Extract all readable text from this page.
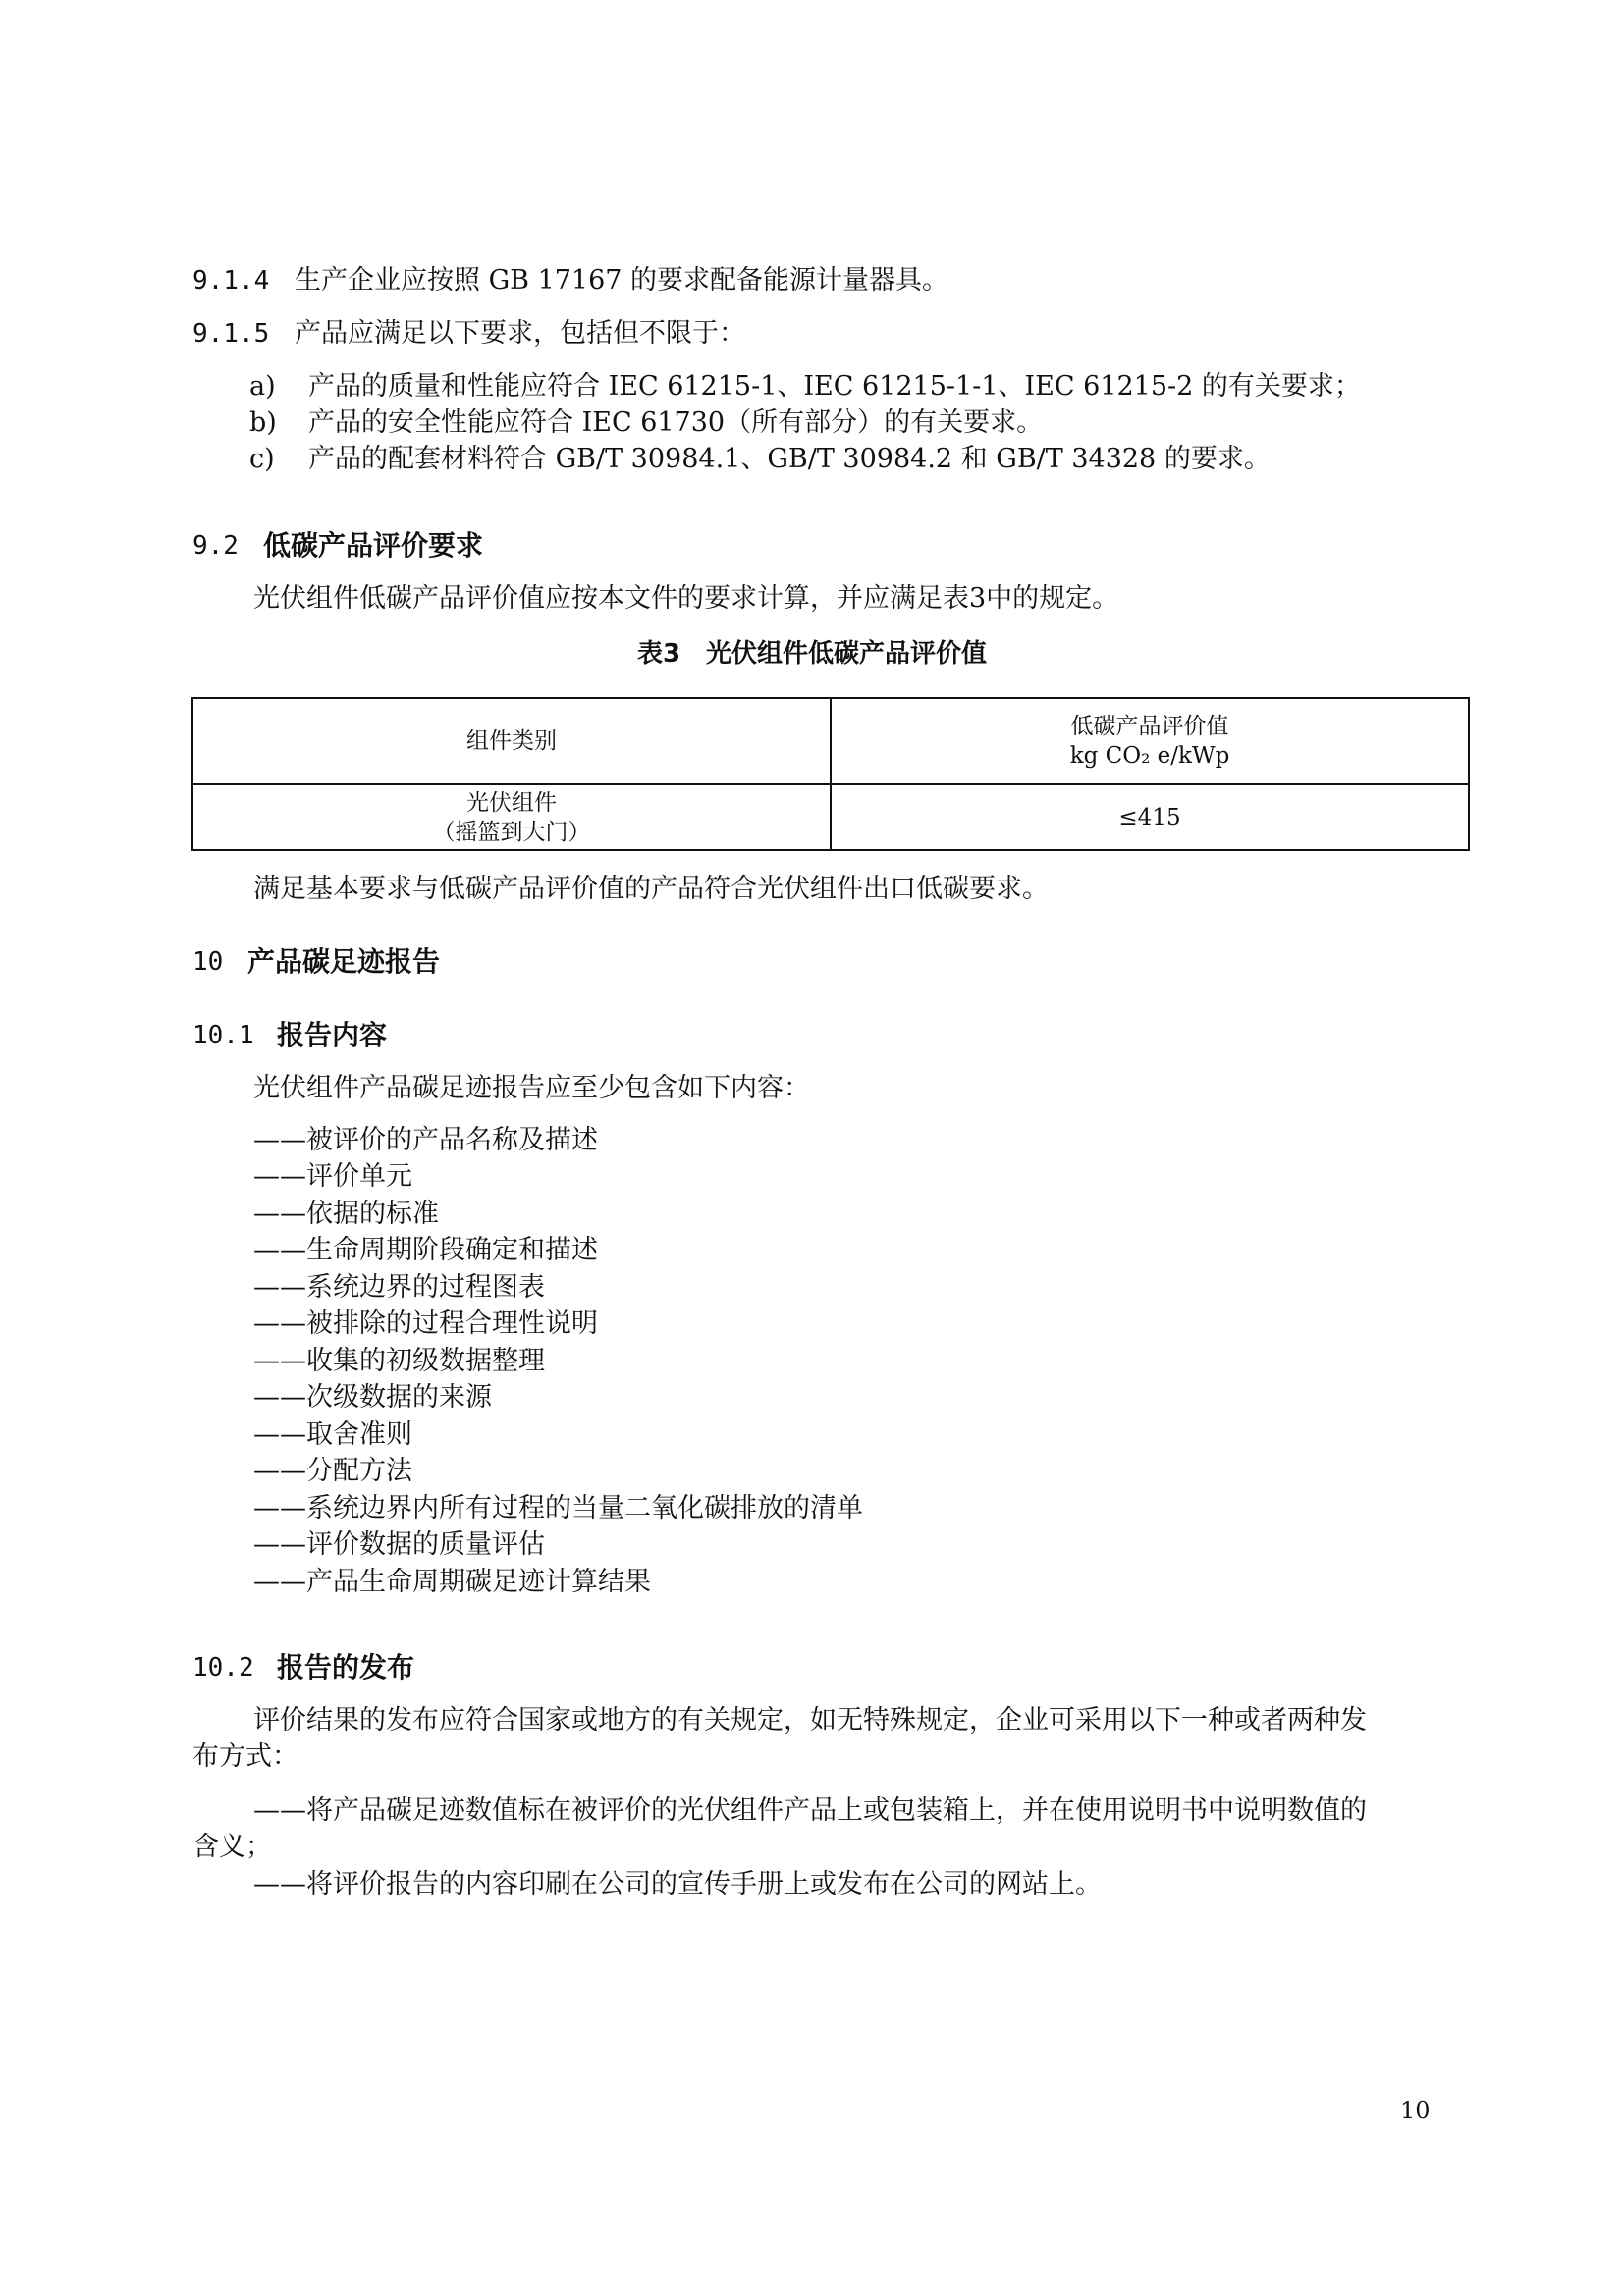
9.1.4 生产企业应按照 GB 17167 的要求配备能源计量器具。
9.1.5 产品应满足以下要求，包括但不限于：
a) 产品的质量和性能应符合 IEC 61215-1、IEC 61215-1-1、IEC 61215-2 的有关要求；
b) 产品的安全性能应符合 IEC 61730（所有部分）的有关要求。
c) 产品的配套材料符合 GB/T 30984.1、GB/T 30984.2 和 GB/T 34328 的要求。
9.2 低碳产品评价要求
光伏组件低碳产品评价值应按本文件的要求计算，并应满足表3中的规定。
表3　光伏组件低碳产品评价值
组件类别	低碳产品评价值
kg CO₂ e/kWp

光伏组件
（摇篮到大门）	≤415
满足基本要求与低碳产品评价值的产品符合光伏组件出口低碳要求。
10 产品碳足迹报告
10.1 报告内容
光伏组件产品碳足迹报告应至少包含如下内容：
——被评价的产品名称及描述
——评价单元
——依据的标准
——生命周期阶段确定和描述
——系统边界的过程图表
——被排除的过程合理性说明
——收集的初级数据整理
——次级数据的来源
——取舍准则
——分配方法
——系统边界内所有过程的当量二氧化碳排放的清单
——评价数据的质量评估
——产品生命周期碳足迹计算结果
10.2 报告的发布
评价结果的发布应符合国家或地方的有关规定，如无特殊规定，企业可采用以下一种或者两种发
布方式：
——将产品碳足迹数值标在被评价的光伏组件产品上或包装箱上，并在使用说明书中说明数值的
含义；
——将评价报告的内容印刷在公司的宣传手册上或发布在公司的网站上。
10
